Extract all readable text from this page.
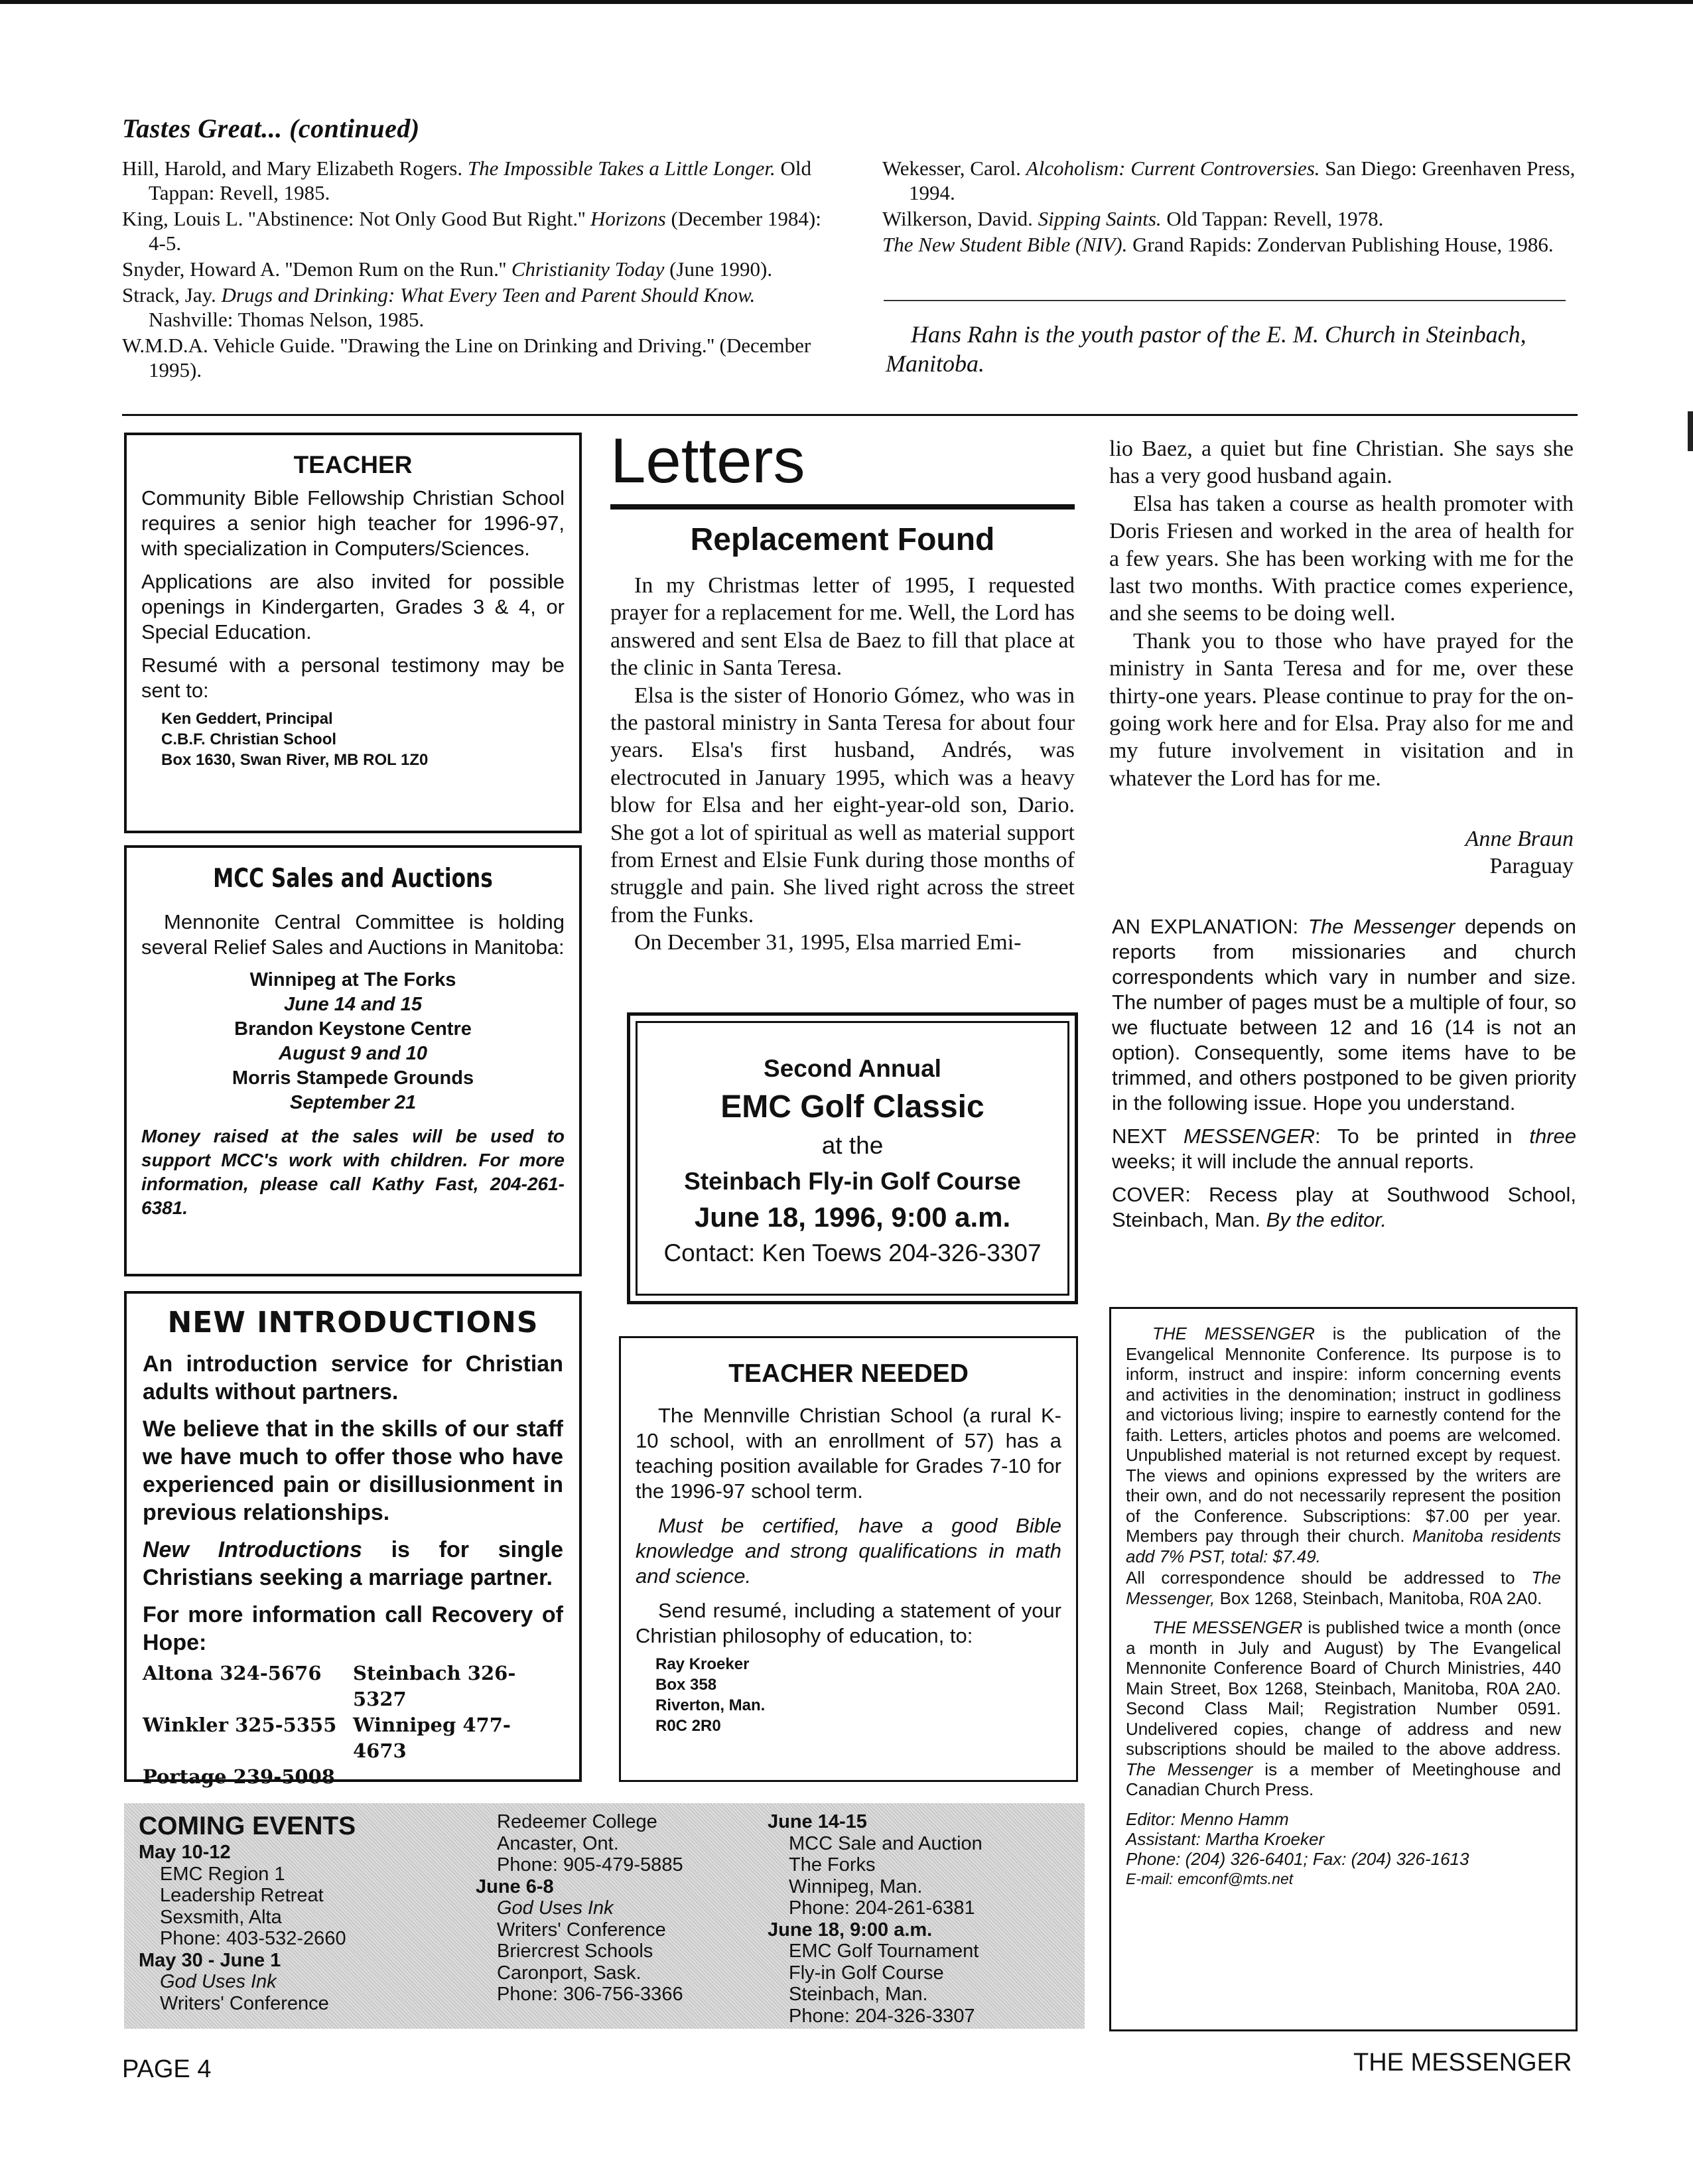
Tastes Great... (continued)
Hill, Harold, and Mary Elizabeth Rogers. The Impossible Takes a Little Longer. Old Tappan: Revell, 1985.
King, Louis L. ''Abstinence: Not Only Good But Right.'' Horizons (December 1984): 4-5.
Snyder, Howard A. ''Demon Rum on the Run.'' Christianity Today (June 1990).
Strack, Jay. Drugs and Drinking: What Every Teen and Parent Should Know. Nashville: Thomas Nelson, 1985.
W.M.D.A. Vehicle Guide. ''Drawing the Line on Drinking and Driving.'' (December 1995).
Wekesser, Carol. Alcoholism: Current Controversies. San Diego: Greenhaven Press, 1994.
Wilkerson, David. Sipping Saints. Old Tappan: Revell, 1978.
The New Student Bible (NIV). Grand Rapids: Zondervan Publishing House, 1986.
Hans Rahn is the youth pastor of the E. M. Church in Steinbach, Manitoba.
TEACHER

Community Bible Fellowship Christian School requires a senior high teacher for 1996-97, with specialization in Computers/Sciences.

Applications are also invited for possible openings in Kindergarten, Grades 3 & 4, or Special Education.

Resumé with a personal testimony may be sent to:

Ken Geddert, Principal
C.B.F. Christian School
Box 1630, Swan River, MB ROL 1Z0
MCC Sales and Auctions

Mennonite Central Committee is holding several Relief Sales and Auctions in Manitoba:

Winnipeg at The Forks
June 14 and 15
Brandon Keystone Centre
August 9 and 10
Morris Stampede Grounds
September 21
Money raised at the sales will be used to support MCC's work with children. For more information, please call Kathy Fast, 204-261-6381.
NEW INTRODUCTIONS

An introduction service for Christian adults without partners.

We believe that in the skills of our staff we have much to offer those who have experienced pain or disillusionment in previous relationships.

New Introductions is for single Christians seeking a marriage partner.

For more information call Recovery of Hope:

Altona 324-5676	Steinbach 326-5327
Winkler 325-5355 Winnipeg 477-4673
Portage 239-5008
Letters
Replacement Found

In my Christmas letter of 1995, I requested prayer for a replacement for me. Well, the Lord has answered and sent Elsa de Baez to fill that place at the clinic in Santa Teresa.

Elsa is the sister of Honorio Gómez, who was in the pastoral ministry in Santa Teresa for about four years. Elsa's first husband, Andrés, was electrocuted in January 1995, which was a heavy blow for Elsa and her eight-year-old son, Dario. She got a lot of spiritual as well as material support from Ernest and Elsie Funk during those months of struggle and pain. She lived right across the street from the Funks.

On December 31, 1995, Elsa married Emi-

lio Baez, a quiet but fine Christian. She says she has a very good husband again.

Elsa has taken a course as health promoter with Doris Friesen and worked in the area of health for a few years. She has been working with me for the last two months. With practice comes experience, and she seems to be doing well.

Thank you to those who have prayed for the ministry in Santa Teresa and for me, over these thirty-one years. Please continue to pray for the on-going work here and for Elsa. Pray also for me and my future involvement in visitation and in whatever the Lord has for me.

Anne Braun
Paraguay
Second Annual
EMC Golf Classic
at the
Steinbach Fly-in Golf Course
June 18, 1996, 9:00 a.m.
Contact: Ken Toews 204-326-3307
TEACHER NEEDED

The Mennville Christian School (a rural K-10 school, with an enrollment of 57) has a teaching position available for Grades 7-10 for the 1996-97 school term.

Must be certified, have a good Bible knowledge and strong qualifications in math and science.

Send resumé, including a statement of your Christian philosophy of education, to:

Ray Kroeker
Box 358
Riverton, Man.
R0C 2R0

AN EXPLANATION: The Messenger depends on reports from missionaries and church correspondents which vary in number and size. The number of pages must be a multiple of four, so we fluctuate between 12 and 16 (14 is not an option). Consequently, some items have to be trimmed, and others postponed to be given priority in the following issue. Hope you understand.

NEXT MESSENGER: To be printed in three weeks; it will include the annual reports.

COVER: Recess play at Southwood School, Steinbach, Man. By the editor.

THE MESSENGER is the publication of the Evangelical Mennonite Conference. Its purpose is to inform, instruct and inspire: inform concerning events and activities in the denomination; instruct in godliness and victorious living; inspire to earnestly contend for the faith. Letters, articles photos and poems are welcomed. Unpublished material is not returned except by request. The views and opinions expressed by the writers are their own, and do not necessarily represent the position of the Conference. Subscriptions: $7.00 per year. Members pay through their church. Manitoba residents add 7% PST, total: $7.49.

All correspondence should be addressed to The Messenger, Box 1268, Steinbach, Manitoba, R0A 2A0.

THE MESSENGER is published twice a month (once a month in July and August) by The Evangelical Mennonite Conference Board of Church Ministries, 440 Main Street, Box 1268, Steinbach, Manitoba, R0A 2A0. Second Class Mail; Registration Number 0591. Undelivered copies, change of address and new subscriptions should be mailed to the above address. The Messenger is a member of Meetinghouse and Canadian Church Press.

Editor: Menno Hamm
Assistant: Martha Kroeker
Phone: (204) 326-6401; Fax: (204) 326-1613
E-mail: emconf@mts.net
COMING EVENTS
May 10-12
EMC Region 1
Leadership Retreat
Sexsmith, Alta
Phone: 403-532-2660
May 30 - June 1
God Uses Ink
Writers' Conference
Redeemer College
Ancaster, Ont.
Phone: 905-479-5885
June 6-8
God Uses Ink
Writers' Conference
Briercrest Schools
Caronport, Sask.
Phone: 306-756-3366
June 14-15
MCC Sale and Auction
The Forks
Winnipeg, Man.
Phone: 204-261-6381
June 18, 9:00 a.m.
EMC Golf Tournament
Fly-in Golf Course
Steinbach, Man.
Phone: 204-326-3307
PAGE 4	THE MESSENGER
